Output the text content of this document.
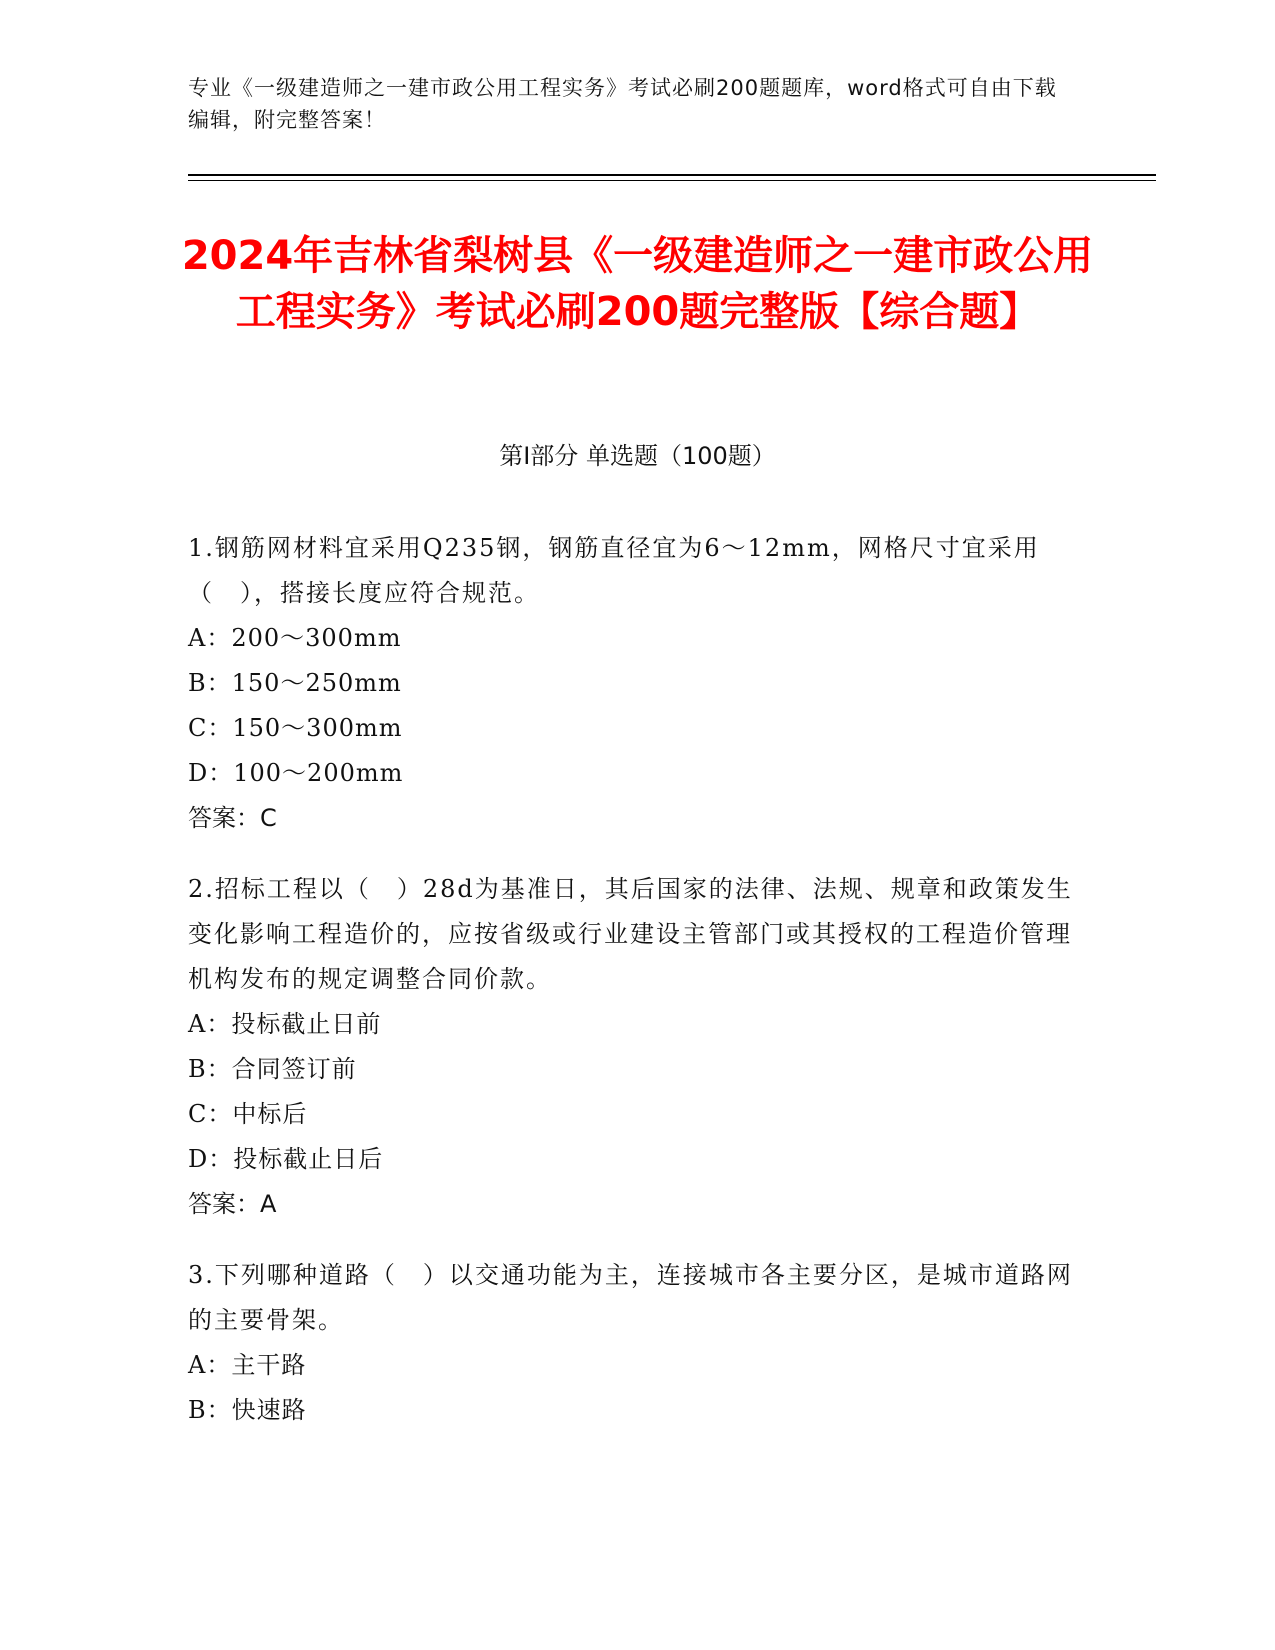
专业《一级建造师之一建市政公用工程实务》考试必刷200题题库，word格式可自由下载编辑，附完整答案！
2024年吉林省梨树县《一级建造师之一建市政公用工程实务》考试必刷200题完整版【综合题】
第Ⅰ部分 单选题（100题）
1.钢筋网材料宜采用Q235钢，钢筋直径宜为6～12mm，网格尺寸宜采用（　），搭接长度应符合规范。
A：200～300mm
B：150～250mm
C：150～300mm
D：100～200mm
答案：C
2.招标工程以（　）28d为基准日，其后国家的法律、法规、规章和政策发生变化影响工程造价的，应按省级或行业建设主管部门或其授权的工程造价管理机构发布的规定调整合同价款。
A：投标截止日前
B：合同签订前
C：中标后
D：投标截止日后
答案：A
3.下列哪种道路（　）以交通功能为主，连接城市各主要分区，是城市道路网的主要骨架。
A：主干路
B：快速路
